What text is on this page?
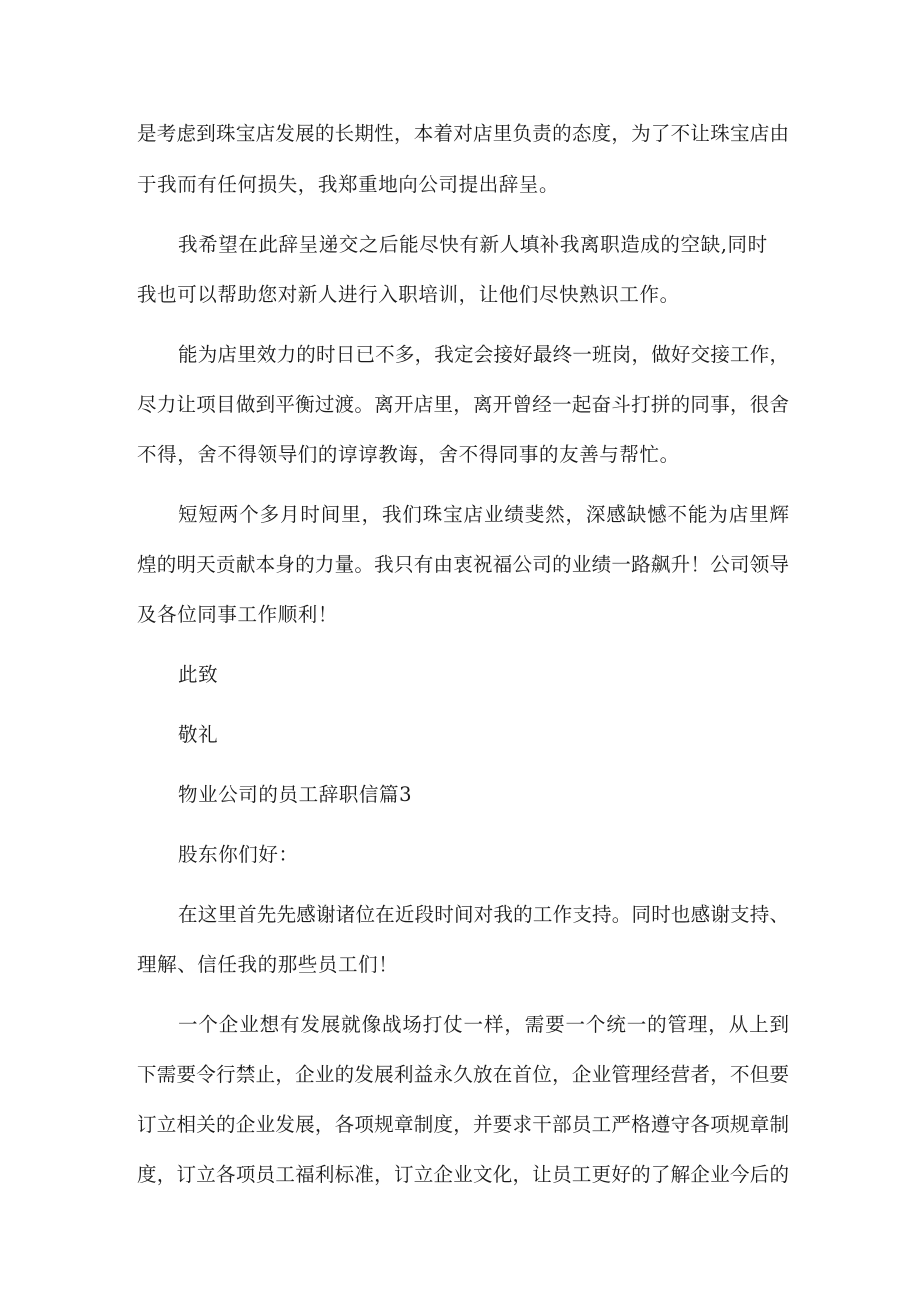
是考虑到珠宝店发展的长期性，本着对店里负责的态度，为了不让珠宝店由
于我而有任何损失，我郑重地向公司提出辞呈。
我希望在此辞呈递交之后能尽快有新人填补我离职造成的空缺,同时
我也可以帮助您对新人进行入职培训，让他们尽快熟识工作。
能为店里效力的时日已不多，我定会接好最终一班岗，做好交接工作，
尽力让项目做到平衡过渡。离开店里，离开曾经一起奋斗打拼的同事，很舍
不得，舍不得领导们的谆谆教诲，舍不得同事的友善与帮忙。
短短两个多月时间里，我们珠宝店业绩斐然，深感缺憾不能为店里辉
煌的明天贡献本身的力量。我只有由衷祝福公司的业绩一路飙升！公司领导
及各位同事工作顺利！
此致
敬礼
物业公司的员工辞职信篇3
股东你们好：
在这里首先先感谢诸位在近段时间对我的工作支持。同时也感谢支持、
理解、信任我的那些员工们！
一个企业想有发展就像战场打仗一样，需要一个统一的管理，从上到
下需要令行禁止，企业的发展利益永久放在首位，企业管理经营者，不但要
订立相关的企业发展，各项规章制度，并要求干部员工严格遵守各项规章制
度，订立各项员工福利标准，订立企业文化，让员工更好的了解企业今后的
